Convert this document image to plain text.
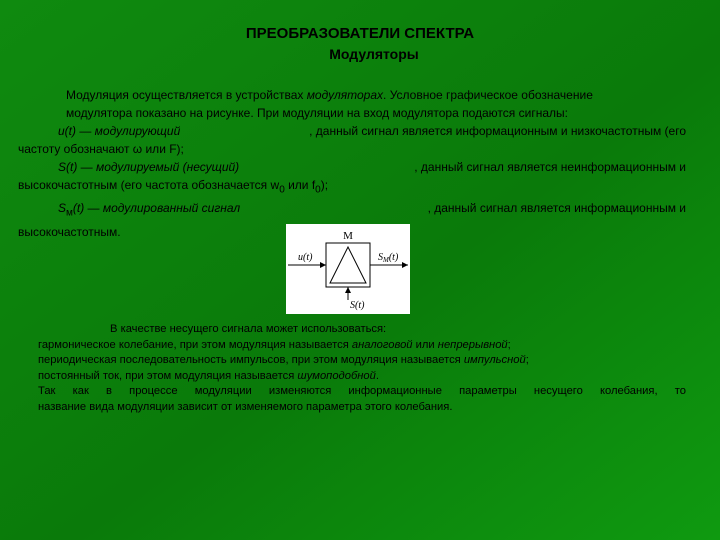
ПРЕОБРАЗОВАТЕЛИ СПЕКТРА
Модуляторы
Модуляция осуществляется в устройствах модуляторах. Условное графическое обозначение
модулятора показано на рисунке. При модуляции на вход модулятора подаются сигналы:
u(t) — модулирующий	, данный сигнал является информационным и низкочастотным (его
частоту обозначают ω или F);
S(t) — модулируемый (несущий)	, данный сигнал является неинформационным и
высокочастотным (его частота обозначается $w_0$ или $f_0$);
$S_м(t)$ — модулированный сигнал	, данный сигнал является информационным и
высокочастотным.	M
u(t)	$S_M(t)$
S(t)
В качестве несущего сигнала может использоваться:
гармоническое колебание, при этом модуляция называется аналоговой или непрерывной;
периодическая последовательность импульсов, при этом модуляция называется импульсной;
постоянный ток, при этом модуляция называется шумоподобной.
Так как в процессе модуляции изменяются информационные параметры несущего колебания, то
название вида модуляции зависит от изменяемого параметра этого колебания.
